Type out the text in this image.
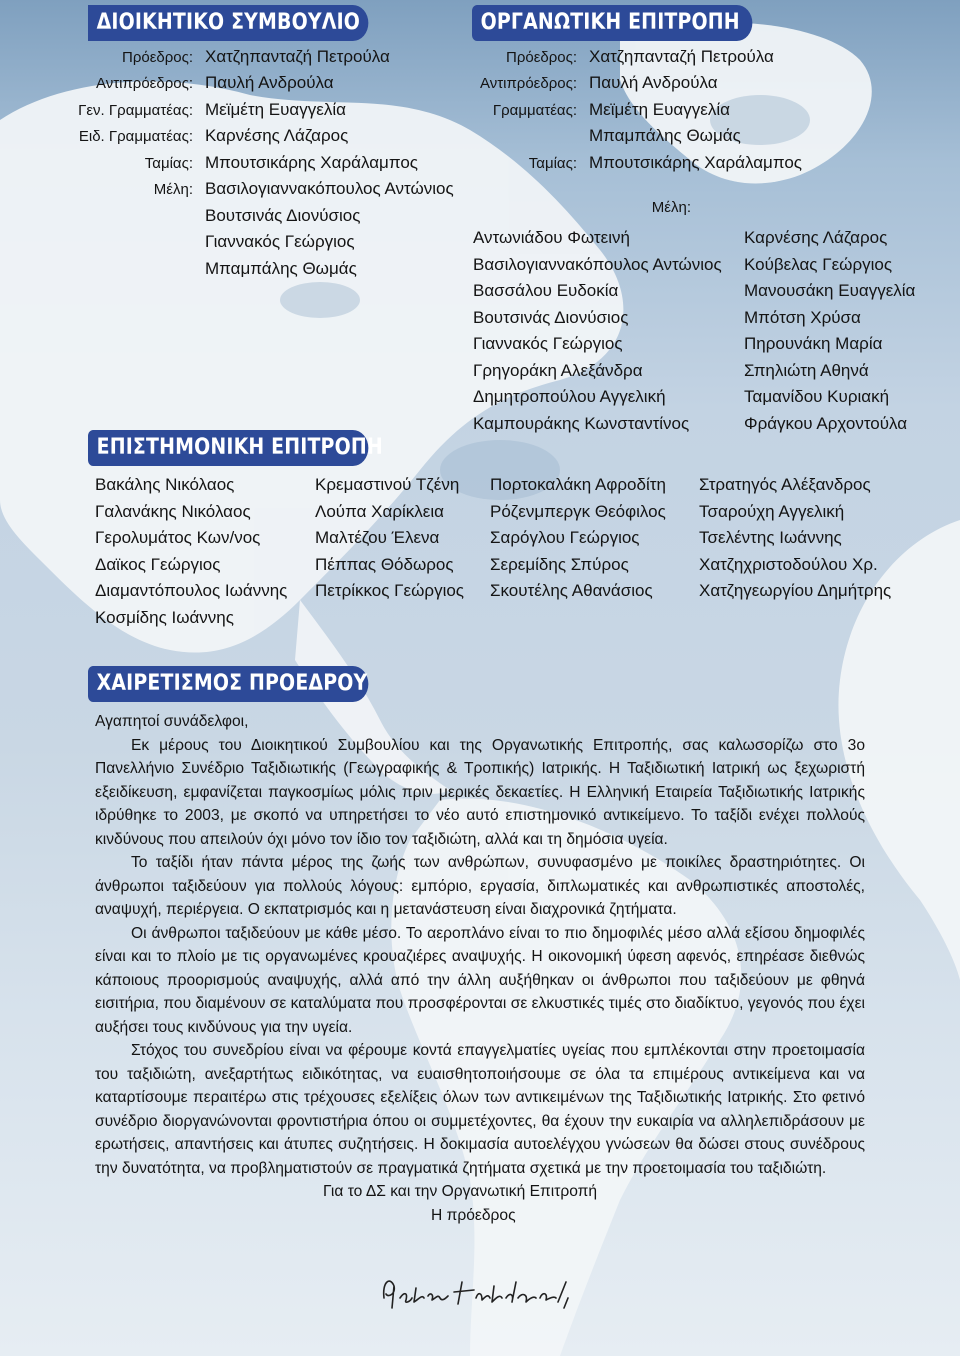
ΔΙΟΙΚΗΤΙΚΟ ΣΥΜΒΟΥΛΙΟ
Πρόεδρος: Χατζηπανταζή Πετρούλα
Αντιπρόεδρος: Παυλή Ανδρούλα
Γεν. Γραμματέας: Μεϊμέτη Ευαγγελία
Ειδ. Γραμματέας: Καρνέσης Λάζαρος
Ταμίας: Μπουτσικάρης Χαράλαμπος
Μέλη: Βασιλογιαννακόπουλος Αντώνιος
Βουτσινάς Διονύσιος
Γιαννακός Γεώργιος
Μπαμπάλης Θωμάς
ΟΡΓΑΝΩΤΙΚΗ ΕΠΙΤΡΟΠΗ
Πρόεδρος: Χατζηπανταζή Πετρούλα
Αντιπρόεδρος: Παυλή Ανδρούλα
Γραμματέας: Μεϊμέτη Ευαγγελία
Μπαμπάλης Θωμάς
Ταμίας: Μπουτσικάρης Χαράλαμπος
Μέλη:
Αντωνιάδου Φωτεινή
Βασιλογιαννακόπουλος Αντώνιος
Βασσάλου Ευδοκία
Βουτσινάς Διονύσιος
Γιαννακός Γεώργιος
Γρηγοράκη Αλεξάνδρα
Δημητροπούλου Αγγελική
Καμπουράκης Κωνσταντίνος
Καρνέσης Λάζαρος
Κούβελας Γεώργιος
Μανουσάκη Ευαγγελία
Μπότση Χρύσα
Πηρουνάκη Μαρία
Σπηλιώτη Αθηνά
Ταμανίδου Κυριακή
Φράγκου Αρχοντούλα
ΕΠΙΣΤΗΜΟΝΙΚΗ ΕΠΙΤΡΟΠΗ
Βακάλης Νικόλαος
Γαλανάκης Νικόλαος
Γερολυμάτος Κων/νος
Δαϊκος Γεώργιος
Διαμαντόπουλος Ιωάννης
Κοσμίδης Ιωάννης
Κρεμαστινού Τζένη
Λούπα Χαρίκλεια
Μαλτέζου Έλενα
Πέππας Θόδωρος
Πετρίκκος Γεώργιος
Πορτοκαλάκη Αφροδίτη
Ρόζενμπεργκ Θεόφιλος
Σαρόγλου Γεώργιος
Σερεμίδης Σπύρος
Σκουτέλης Αθανάσιος
Στρατηγός Αλέξανδρος
Τσαρούχη Αγγελική
Τσελέντης Ιωάννης
Χατζηχριστοδούλου Χρ.
Χατζηγεωργίου Δημήτρης
ΧΑΙΡΕΤΙΣΜΟΣ ΠΡΟΕΔΡΟΥ

Αγαπητοί συνάδελφοι,

Εκ μέρους του Διοικητικού Συμβουλίου και της Οργανωτικής Επιτροπής, σας καλωσορίζω στο 3ο Πανελλήνιο Συνέδριο Ταξιδιωτικής (Γεωγραφικής & Τροπικής) Ιατρικής. Η Ταξιδιωτική Ιατρική ως ξεχωριστή εξειδίκευση, εμφανίζεται παγκοσμίως μόλις πριν μερικές δεκαετίες. Η Ελληνική Εταιρεία Ταξιδιωτικής Ιατρικής ιδρύθηκε το 2003, με σκοπό να υπηρετήσει το νέο αυτό επιστημονικό αντικείμενο. Το ταξίδι ενέχει πολλούς κινδύνους που απειλούν όχι μόνο τον ίδιο τον ταξιδιώτη, αλλά και τη δημόσια υγεία.

Το ταξίδι ήταν πάντα μέρος της ζωής των ανθρώπων, συνυφασμένο με ποικίλες δραστηριότητες. Οι άνθρωποι ταξιδεύουν για πολλούς λόγους: εμπόριο, εργασία, διπλωματικές και ανθρωπιστικές αποστολές, αναψυχή, περιέργεια. Ο εκπατρισμός και η μετανάστευση είναι διαχρονικά ζητήματα.

Οι άνθρωποι ταξιδεύουν με κάθε μέσο. Το αεροπλάνο είναι το πιο δημοφιλές μέσο αλλά εξίσου δημοφιλές είναι και το πλοίο με τις οργανωμένες κρουαζιέρες αναψυχής. Η οικονομική ύφεση αφενός, επηρέασε διεθνώς κάποιους προορισμούς αναψυχής, αλλά από την άλλη αυξήθηκαν οι άνθρωποι που ταξιδεύουν με φθηνά εισιτήρια, που διαμένουν σε καταλύματα που προσφέρονται σε ελκυστικές τιμές στο διαδίκτυο, γεγονός που έχει αυξήσει τους κινδύνους για την υγεία.

Στόχος του συνεδρίου είναι να φέρουμε κοντά επαγγελματίες υγείας που εμπλέκονται στην προετοιμασία του ταξιδιώτη, ανεξαρτήτως ειδικότητας, να ευαισθητοποιήσουμε σε όλα τα επιμέρους αντικείμενα και να καταρτίσουμε περαιτέρω στις τρέχουσες εξελίξεις όλων των αντικειμένων της Ταξιδιωτικής Ιατρικής. Στο φετινό συνέδριο διοργανώνονται φροντιστήρια όπου οι συμμετέχοντες, θα έχουν την ευκαιρία να αλληλεπιδράσουν με ερωτήσεις, απαντήσεις και άτυπες συζητήσεις. Η δοκιμασία αυτοελέγχου γνώσεων θα δώσει στους συνέδρους την δυνατότητα, να προβληματιστούν σε πραγματικά ζητήματα σχετικά με την προετοιμασία του ταξιδιώτη.

Για το ΔΣ και την Οργανωτική Επιτροπή

Η πρόεδρος
